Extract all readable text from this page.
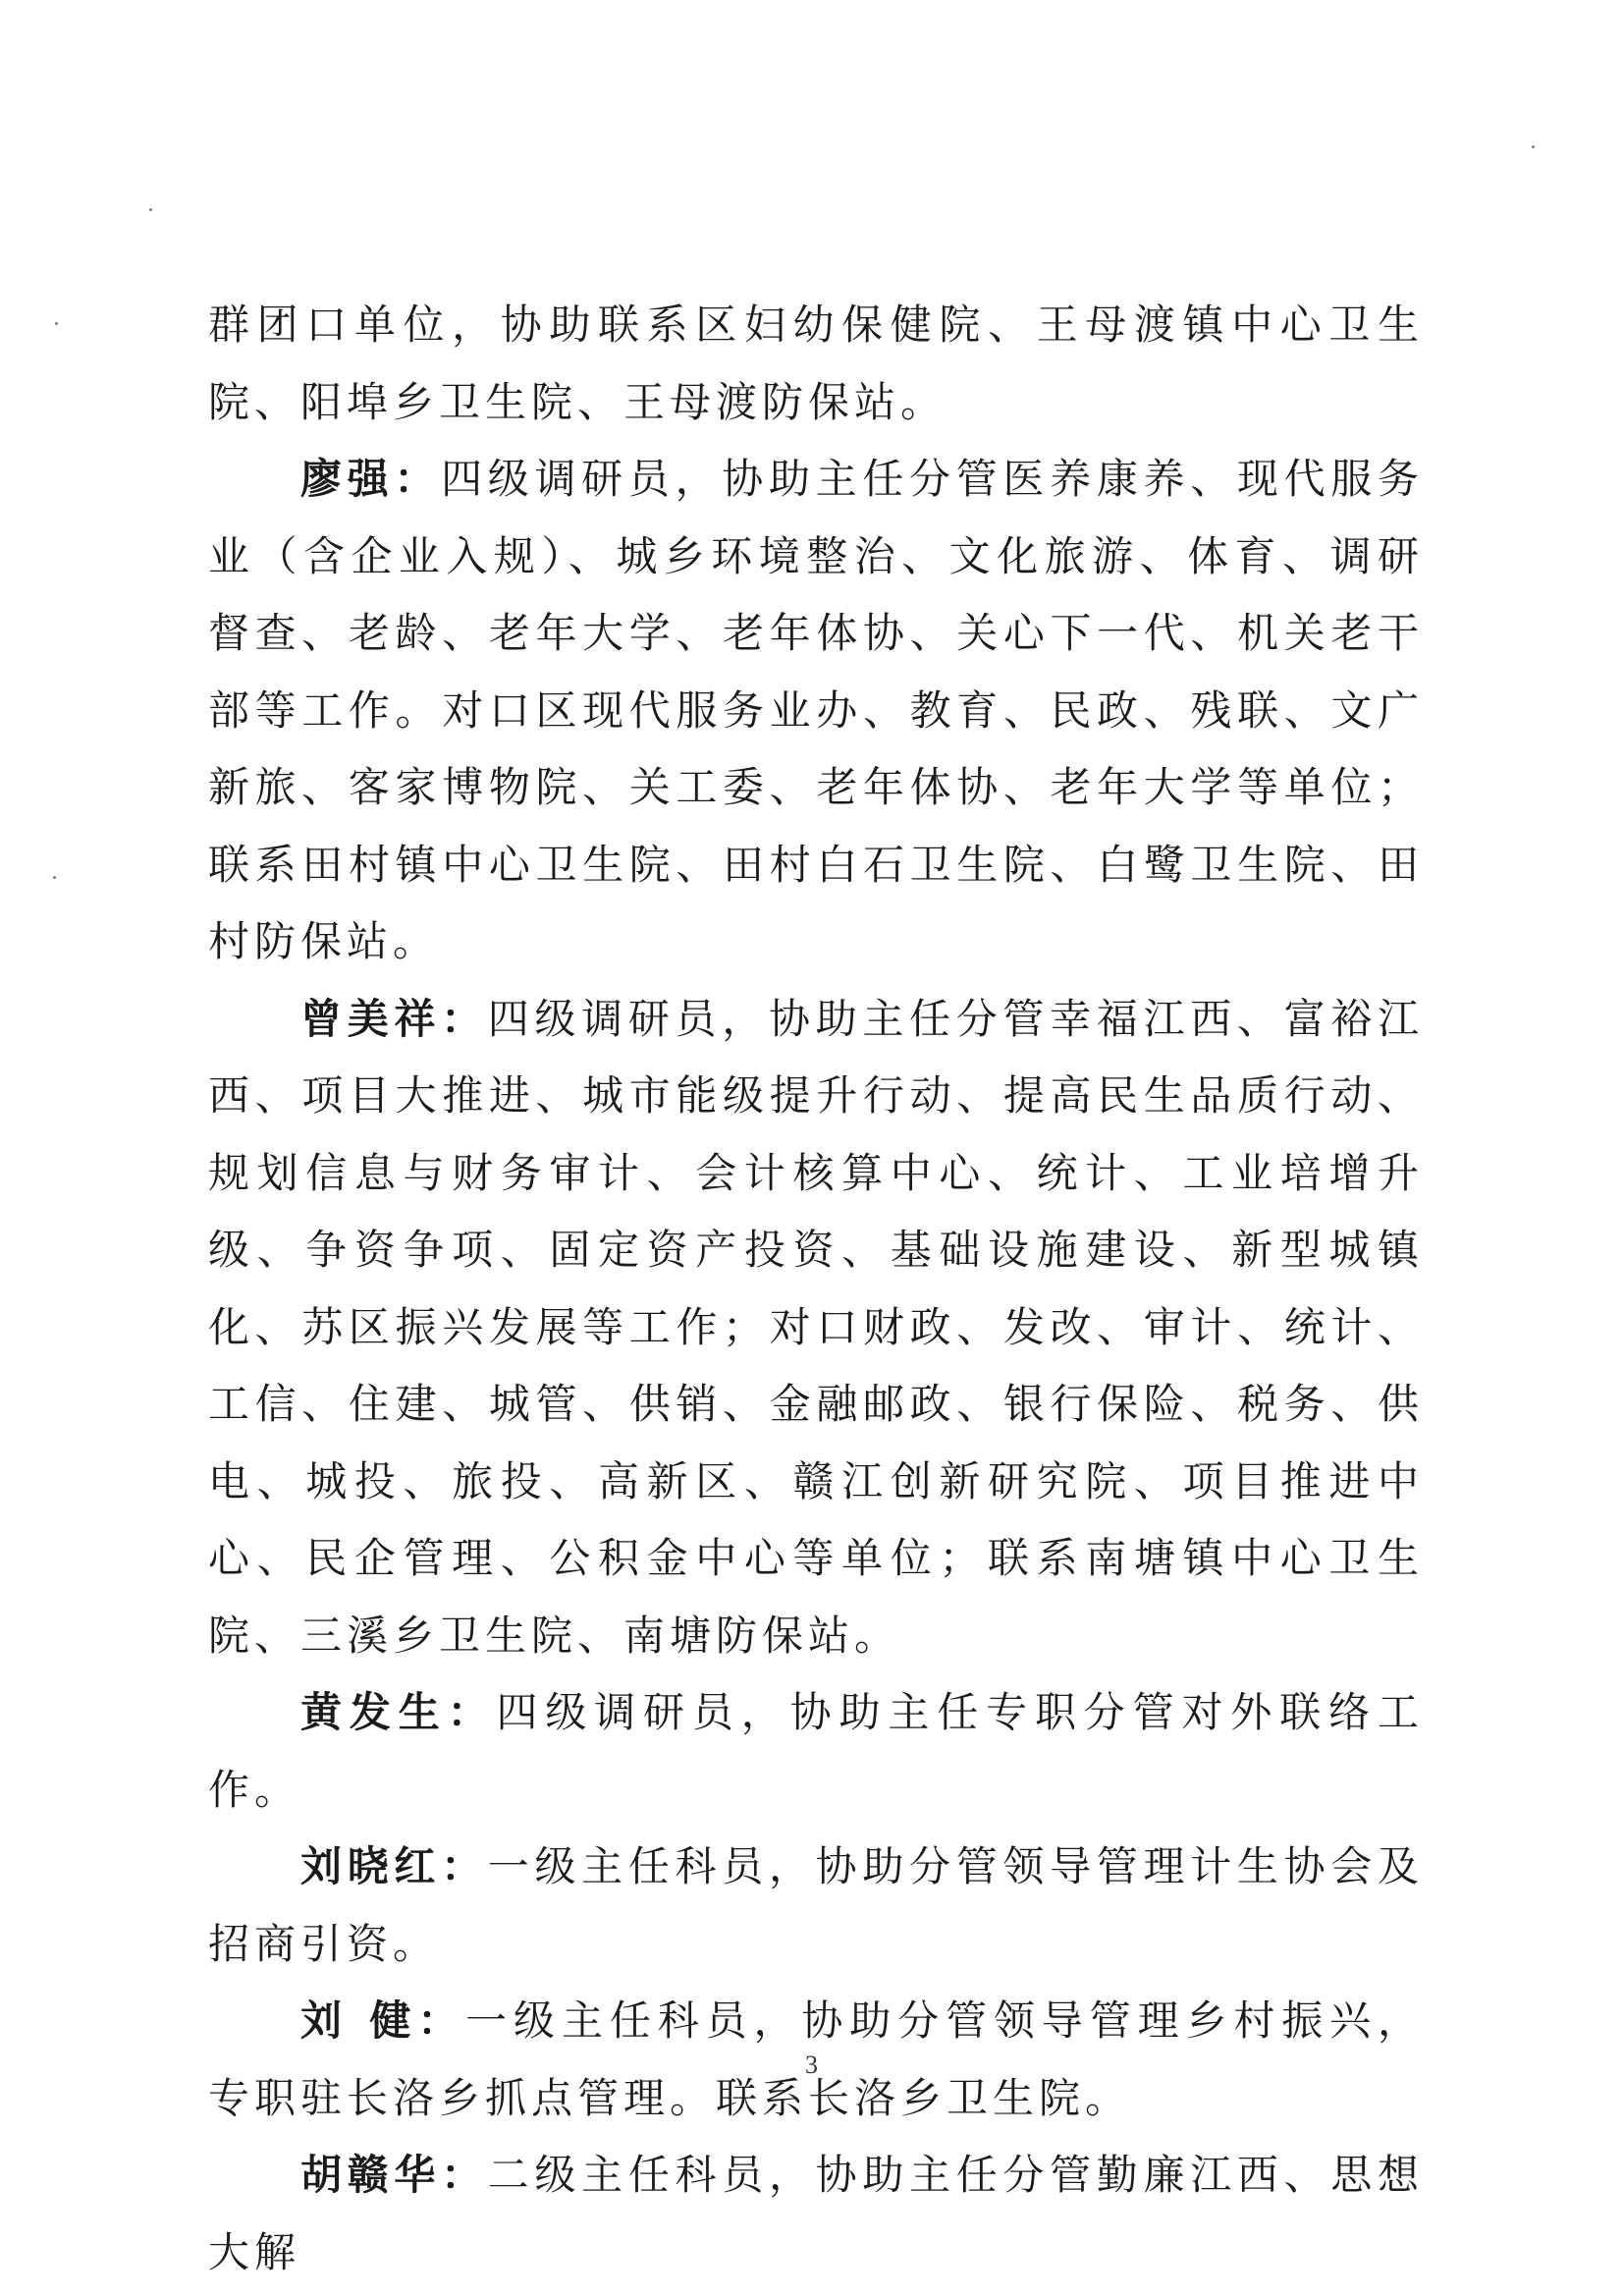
群团口单位，协助联系区妇幼保健院、王母渡镇中心卫生院、阳埠乡卫生院、王母渡防保站。

廖强：四级调研员，协助主任分管医养康养、现代服务业（含企业入规）、城乡环境整治、文化旅游、体育、调研督查、老龄、老年大学、老年体协、关心下一代、机关老干部等工作。对口区现代服务业办、教育、民政、残联、文广新旅、客家博物院、关工委、老年体协、老年大学等单位；联系田村镇中心卫生院、田村白石卫生院、白鹭卫生院、田村防保站。

曾美祥：四级调研员，协助主任分管幸福江西、富裕江西、项目大推进、城市能级提升行动、提高民生品质行动、规划信息与财务审计、会计核算中心、统计、工业培增升级、争资争项、固定资产投资、基础设施建设、新型城镇化、苏区振兴发展等工作；对口财政、发改、审计、统计、工信、住建、城管、供销、金融邮政、银行保险、税务、供电、城投、旅投、高新区、赣江创新研究院、项目推进中心、民企管理、公积金中心等单位；联系南塘镇中心卫生院、三溪乡卫生院、南塘防保站。

黄发生：四级调研员，协助主任专职分管对外联络工作。

刘晓红：一级主任科员，协助分管领导管理计生协会及招商引资。

刘 健：一级主任科员，协助分管领导管理乡村振兴，专职驻长洛乡抓点管理。联系长洛乡卫生院。

胡赣华：二级主任科员，协助主任分管勤廉江西、思想大解

3
